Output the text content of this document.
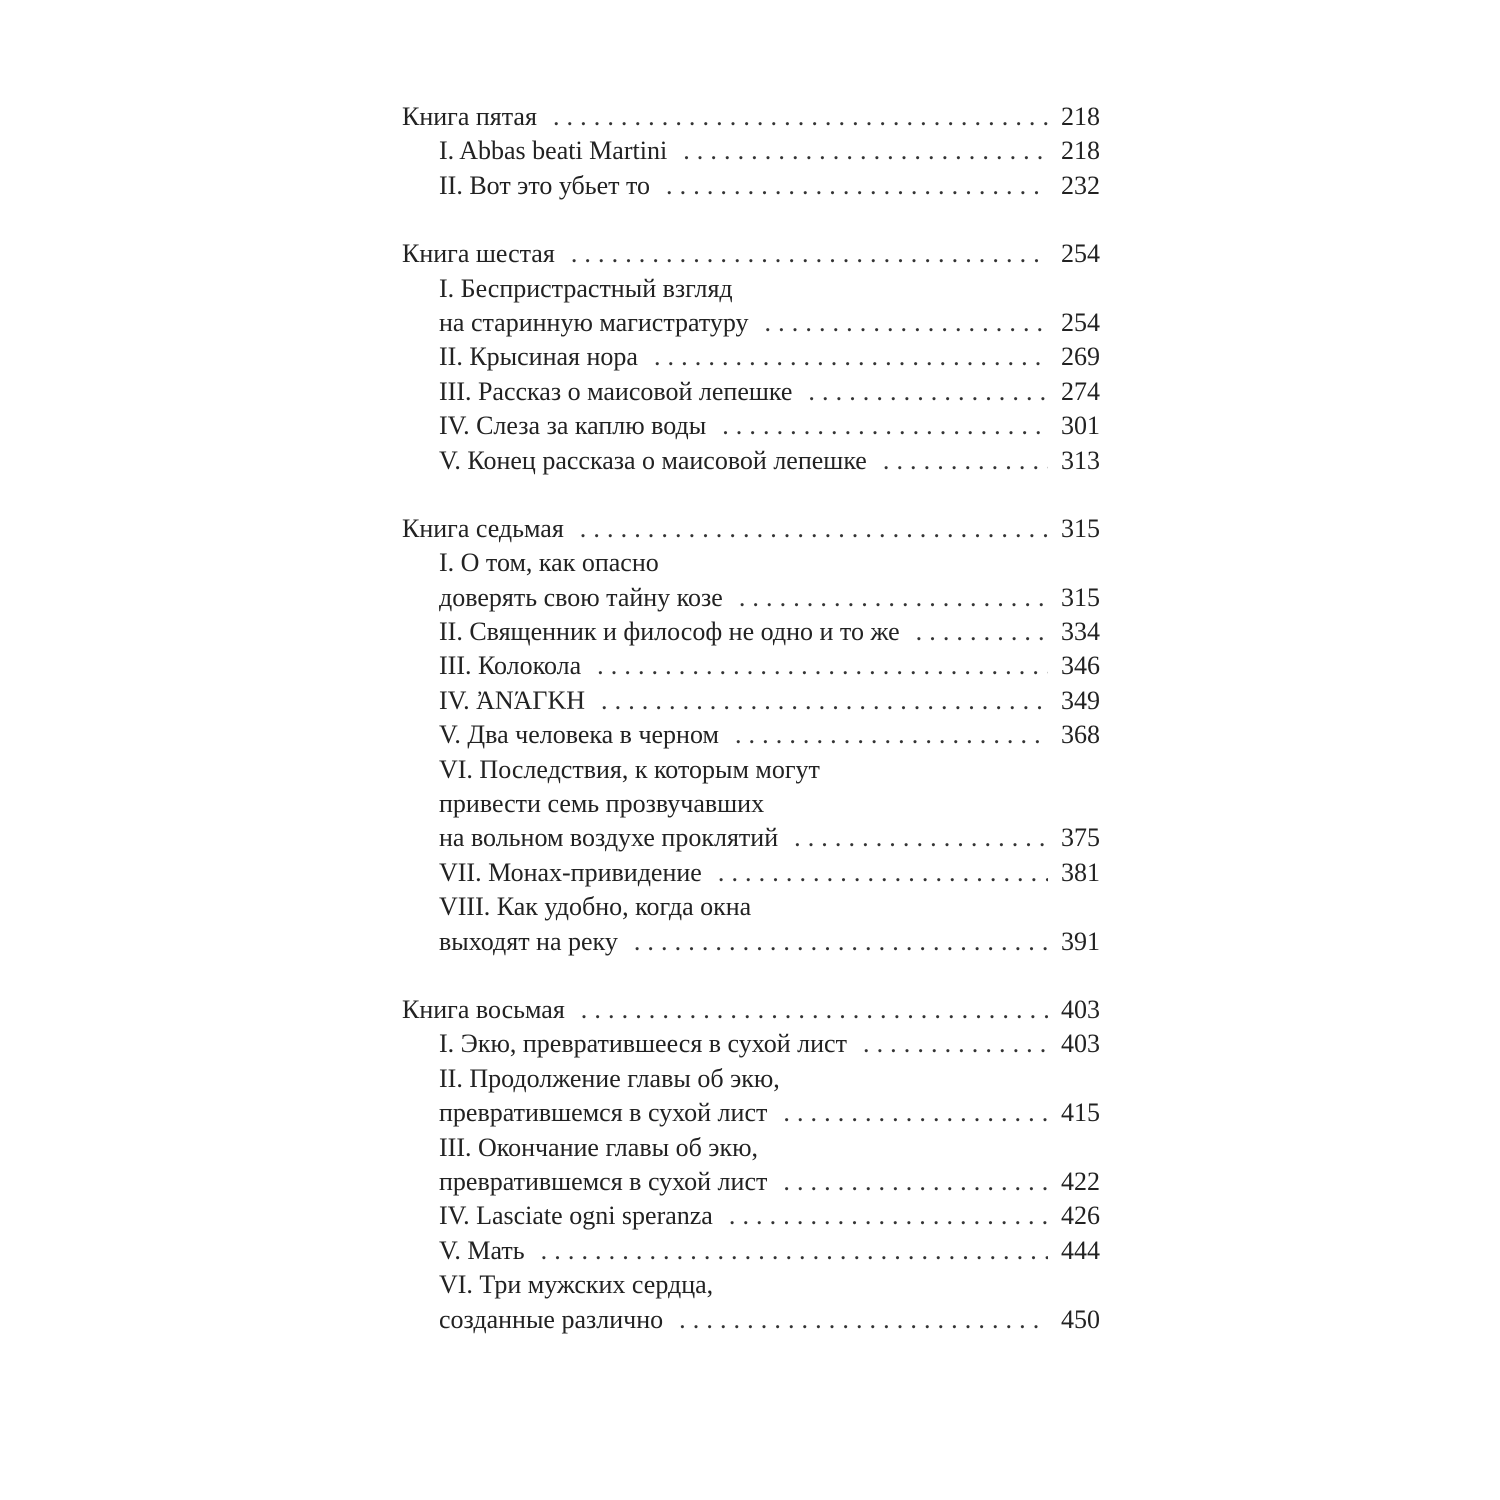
Книга пятая . . .	218
I. Abbas beati Martini . . .	218
II. Вот это убьет то . . .	232
Книга шестая . . .	254
I. Беспристрастный взгляд
на старинную магистратуру . . .	254
II. Крысиная нора . . .	269
III. Рассказ о маисовой лепешке . . .	274
IV. Слеза за каплю воды . . .	301
V. Конец рассказа о маисовой лепешке . . .	313
Книга седьмая . . .	315
I. О том, как опасно
доверять свою тайну козе . . .	315
II. Священник и философ не одно и то же . . .	334
III. Колокола . . .	346
IV. ἈΝΆΓΚΗ . . .	349
V. Два человека в черном . . .	368
VI. Последствия, к которым могут
привести семь прозвучавших
на вольном воздухе проклятий . . .	375
VII. Монах-привидение . . .	381
VIII. Как удобно, когда окна
выходят на реку . . .	391
Книга восьмая . . .	403
I. Экю, превратившееся в сухой лист . . .	403
II. Продолжение главы об экю,
превратившемся в сухой лист . . .	415
III. Окончание главы об экю,
превратившемся в сухой лист . . .	422
IV. Lasciate ogni speranza . . .	426
V. Мать . . .	444
VI. Три мужских сердца,
созданные различно . . .	450
